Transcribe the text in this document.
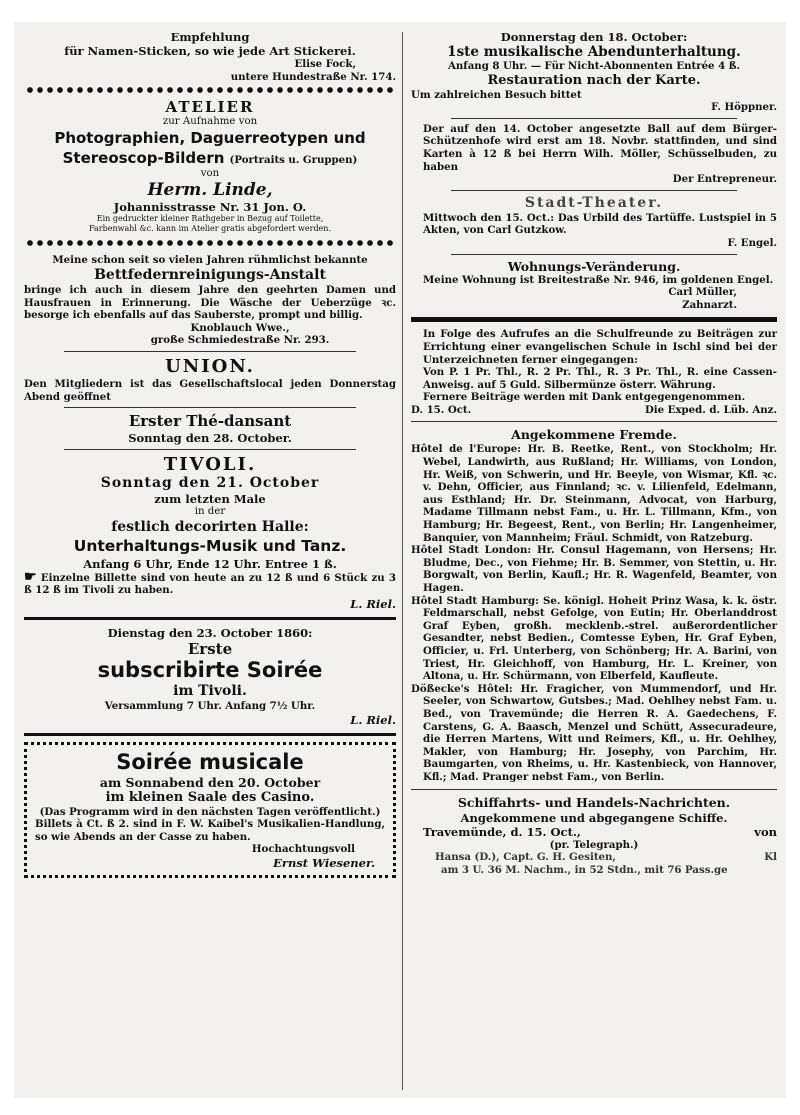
Empfehlung

für Namen-Sticken, so wie jede Art Stickerei.

Elise Fock,

untere Hundestraße Nr. 174.

ATELIER

zur Aufnahme von

Photographien, Daguerreotypen und

Stereoscop-Bildern (Portraits u. Gruppen)

von

Herm. Linde,

Johannisstrasse Nr. 31 Jon. O.

Ein gedruckter kleiner Rathgeber in Bezug auf Toilette,

Farbenwahl &c. kann im Atelier gratis abgefordert werden.

Meine schon seit so vielen Jahren rühmlichst bekannte

Bettfedernreinigungs-Anstalt

bringe ich auch in diesem Jahre den geehrten Damen und Hausfrauen in Erinnerung. Die Wäsche der Ueberzüge ꝛc. besorge ich ebenfalls auf das Sauberste, prompt und billig.

Knoblauch Wwe.,

große Schmiedestraße Nr. 293.

UNION.

Den Mitgliedern ist das Gesellschaftslocal jeden Donnerstag Abend geöffnet

Erster Thé-dansant

Sonntag den 28. October.

TIVOLI.

Sonntag den 21. October

zum letzten Male

in der

festlich decorirten Halle:

Unterhaltungs-Musik und Tanz.

Anfang 6 Uhr, Ende 12 Uhr. Entree 1 ß.

☛ Einzelne Billette sind von heute an zu 12 ß und 6 Stück zu 3 ß 12 ß im Tivoli zu haben.

L. Riel.

Dienstag den 23. October 1860:

Erste

subscribirte Soirée

im Tivoli.

Versammlung 7 Uhr. Anfang 7½ Uhr.

L. Riel.

Soirée musicale

am Sonnabend den 20. October

im kleinen Saale des Casino.

(Das Programm wird in den nächsten Tagen veröffentlicht.)

Billets à Ct. ß 2. sind in F. W. Kaibel's Musikalien-Handlung, so wie Abends an der Casse zu haben.

Hochachtungsvoll

Ernst Wiesener.

Donnerstag den 18. October:

1ste musikalische Abendunterhaltung.

Anfang 8 Uhr. — Für Nicht-Abonnenten Entrée 4 ß.

Restauration nach der Karte.

Um zahlreichen Besuch bittet

F. Höppner.

Der auf den 14. October angesetzte Ball auf dem Bürger-Schützenhofe wird erst am 18. Novbr. stattfinden, und sind Karten à 12 ß bei Herrn Wilh. Möller, Schüsselbuden, zu haben

Der Entrepreneur.

Stadt-Theater.

Mittwoch den 15. Oct.: Das Urbild des Tartüffe. Lustspiel in 5 Akten, von Carl Gutzkow.

F. Engel.

Wohnungs-Veränderung.

Meine Wohnung ist Breitestraße Nr. 946, im goldenen Engel.

Carl Müller,

Zahnarzt.

In Folge des Aufrufes an die Schulfreunde zu Beiträgen zur Errichtung einer evangelischen Schule in Ischl sind bei der Unterzeichneten ferner eingegangen:

Von P. 1 Pr. Thl., R. 2 Pr. Thl., R. 3 Pr. Thl., R. eine Cassen-Anweisg. auf 5 Guld. Silbermünze österr. Währung.

Fernere Beiträge werden mit Dank entgegengenommen.

D. 15. Oct.	Die Exped. d. Lüb. Anz.

Angekommene Fremde.

Hôtel de l'Europe: Hr. B. Reetke, Rent., von Stockholm; Hr. Webel, Landwirth, aus Rußland; Hr. Williams, von London, Hr. Weiß, von Schwerin, und Hr. Beeyle, von Wismar, Kfl. ꝛc. v. Dehn, Officier, aus Finnland; ꝛc. v. Lilienfeld, Edelmann, aus Esthland; Hr. Dr. Steinmann, Advocat, von Harburg, Madame Tillmann nebst Fam., u. Hr. L. Tillmann, Kfm., von Hamburg; Hr. Begeest, Rent., von Berlin; Hr. Langenheimer, Banquier, von Mannheim; Fräul. Schmidt, von Ratzeburg.

Hôtel Stadt London: Hr. Consul Hagemann, von Hersens; Hr. Bludme, Dec., von Fiehme; Hr. B. Semmer, von Stettin, u. Hr. Borgwalt, von Berlin, Kaufl.; Hr. R. Wagenfeld, Beamter, von Hagen.

Hôtel Stadt Hamburg: Se. königl. Hoheit Prinz Wasa, k. k. östr. Feldmarschall, nebst Gefolge, von Eutin; Hr. Oberlanddrost Graf Eyben, großh. mecklenb.-strel. außerordentlicher Gesandter, nebst Bedien., Comtesse Eyben, Hr. Graf Eyben, Officier, u. Frl. Unterberg, von Schönberg; Hr. A. Barini, von Triest, Hr. Gleichhoff, von Hamburg, Hr. L. Kreiner, von Altona, u. Hr. Schürmann, von Elberfeld, Kaufleute.

Dößecke's Hôtel: Hr. Fragicher, von Mummendorf, und Hr. Seeler, von Schwartow, Gutsbes.; Mad. Oehlhey nebst Fam. u. Bed., von Travemünde; die Herren R. A. Gaedechens, F. Carstens, G. A. Baasch, Menzel und Schütt, Assecuradeure, die Herren Martens, Witt und Reimers, Kfl., u. Hr. Oehlhey, Makler, von Hamburg; Hr. Josephy, von Parchim, Hr. Baumgarten, von Rheims, u. Hr. Kastenbieck, von Hannover, Kfl.; Mad. Pranger nebst Fam., von Berlin.

Schiffahrts- und Handels-Nachrichten.

Angekommene und abgegangene Schiffe.

Travemünde, d. 15. Oct.,	von

(pr. Telegraph.)

Hansa (D.), Capt. G. H. Gesiten,	Kl

am 3 U. 36 M. Nachm., in 52 Stdn., mit 76 Pass.ge
